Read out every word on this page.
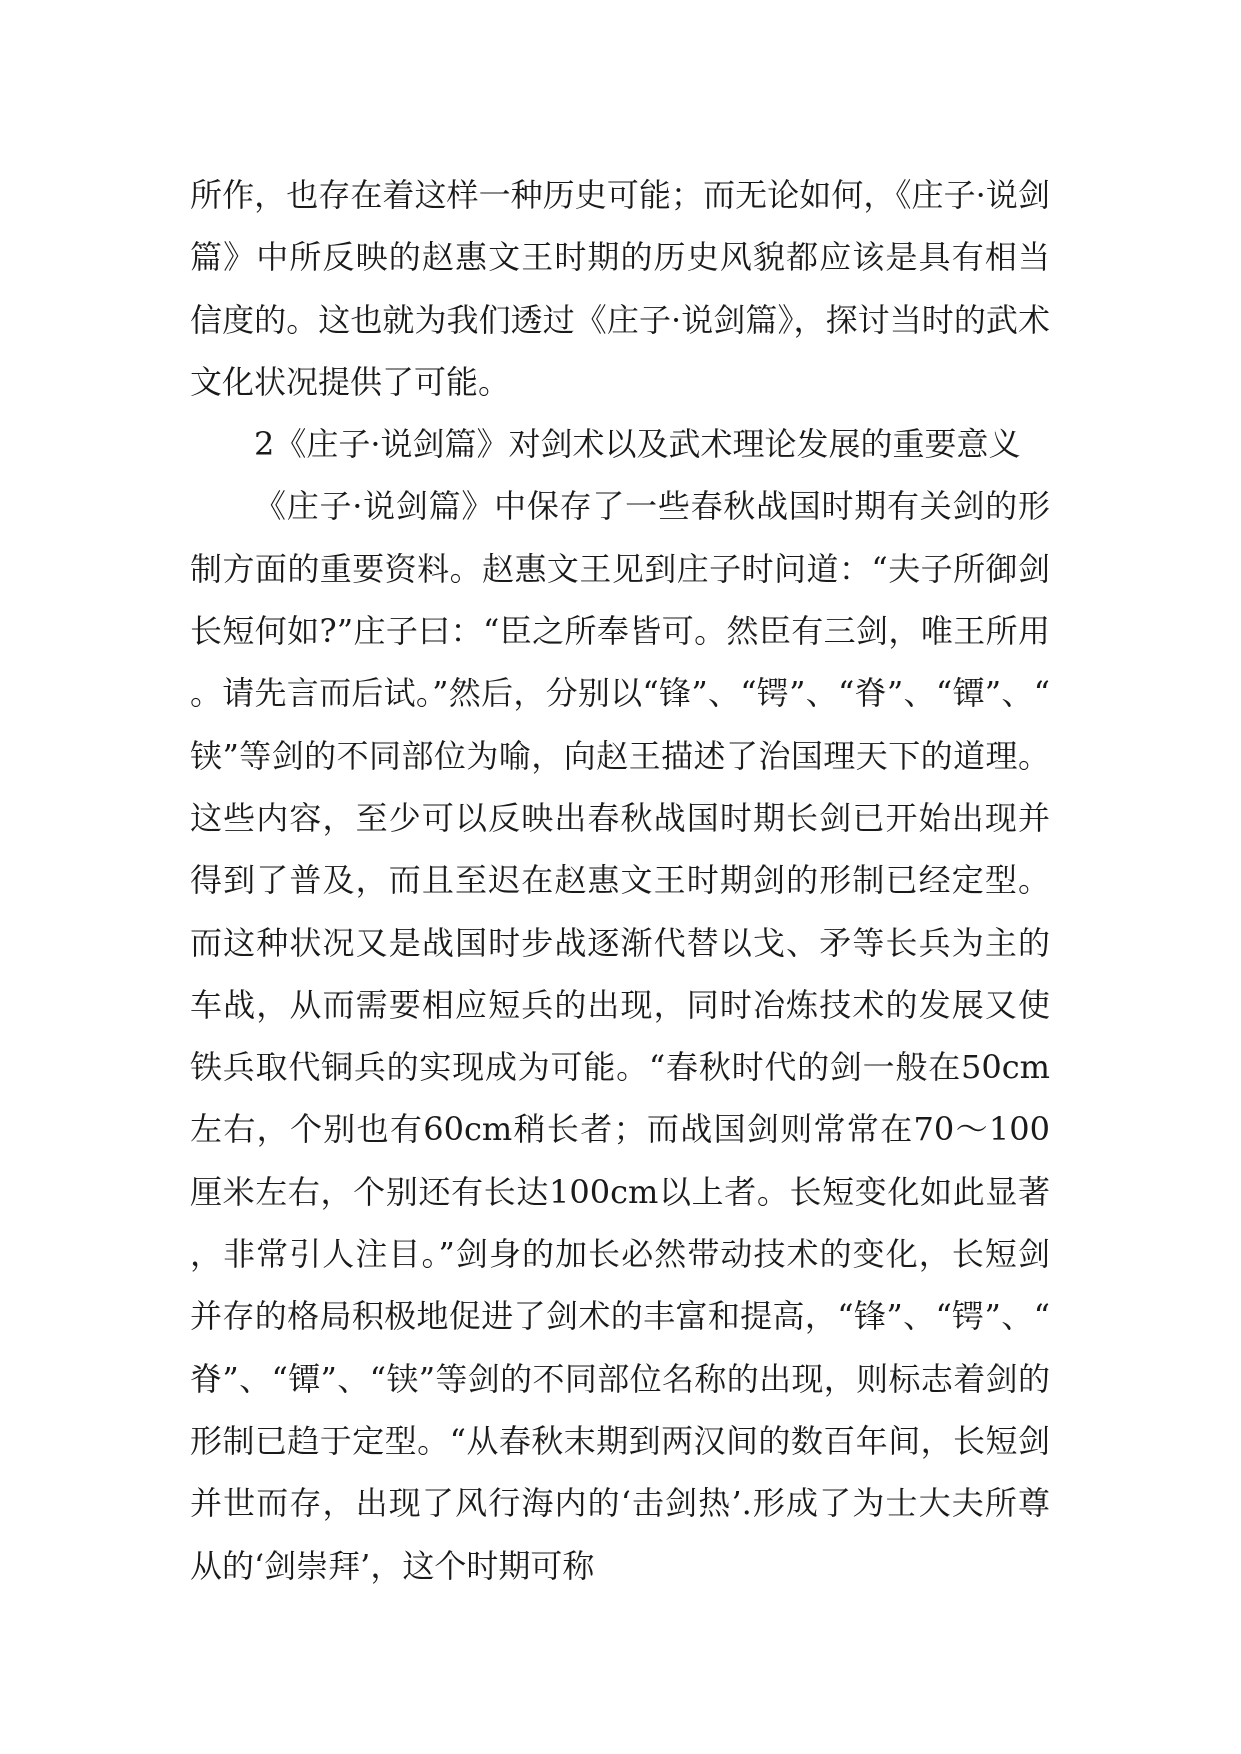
所作，也存在着这样一种历史可能；而无论如何，《庄子·说剑篇》中所反映的赵惠文王时期的历史风貌都应该是具有相当信度的。这也就为我们透过《庄子·说剑篇》，探讨当时的武术文化状况提供了可能。

2《庄子·说剑篇》对剑术以及武术理论发展的重要意义

《庄子·说剑篇》中保存了一些春秋战国时期有关剑的形制方面的重要资料。赵惠文王见到庄子时问道：“夫子所御剑长短何如?”庄子曰：“臣之所奉皆可。然臣有三剑，唯王所用。请先言而后试。”然后，分别以“锋”、“锷”、“脊”、“镡”、“铗”等剑的不同部位为喻，向赵王描述了治国理天下的道理。这些内容，至少可以反映出春秋战国时期长剑已开始出现并得到了普及，而且至迟在赵惠文王时期剑的形制已经定型。而这种状况又是战国时步战逐渐代替以戈、矛等长兵为主的车战，从而需要相应短兵的出现，同时冶炼技术的发展又使铁兵取代铜兵的实现成为可能。“春秋时代的剑一般在50cm左右，个别也有60cm稍长者；而战国剑则常常在70～100厘米左右，个别还有长达100cm以上者。长短变化如此显著，非常引人注目。”剑身的加长必然带动技术的变化，长短剑并存的格局积极地促进了剑术的丰富和提高，“锋”、“锷”、“脊”、“镡”、“铗”等剑的不同部位名称的出现，则标志着剑的形制已趋于定型。“从春秋末期到两汉间的数百年间，长短剑并世而存，出现了风行海内的‘击剑热’.形成了为士大夫所尊从的‘剑崇拜’，这个时期可称
